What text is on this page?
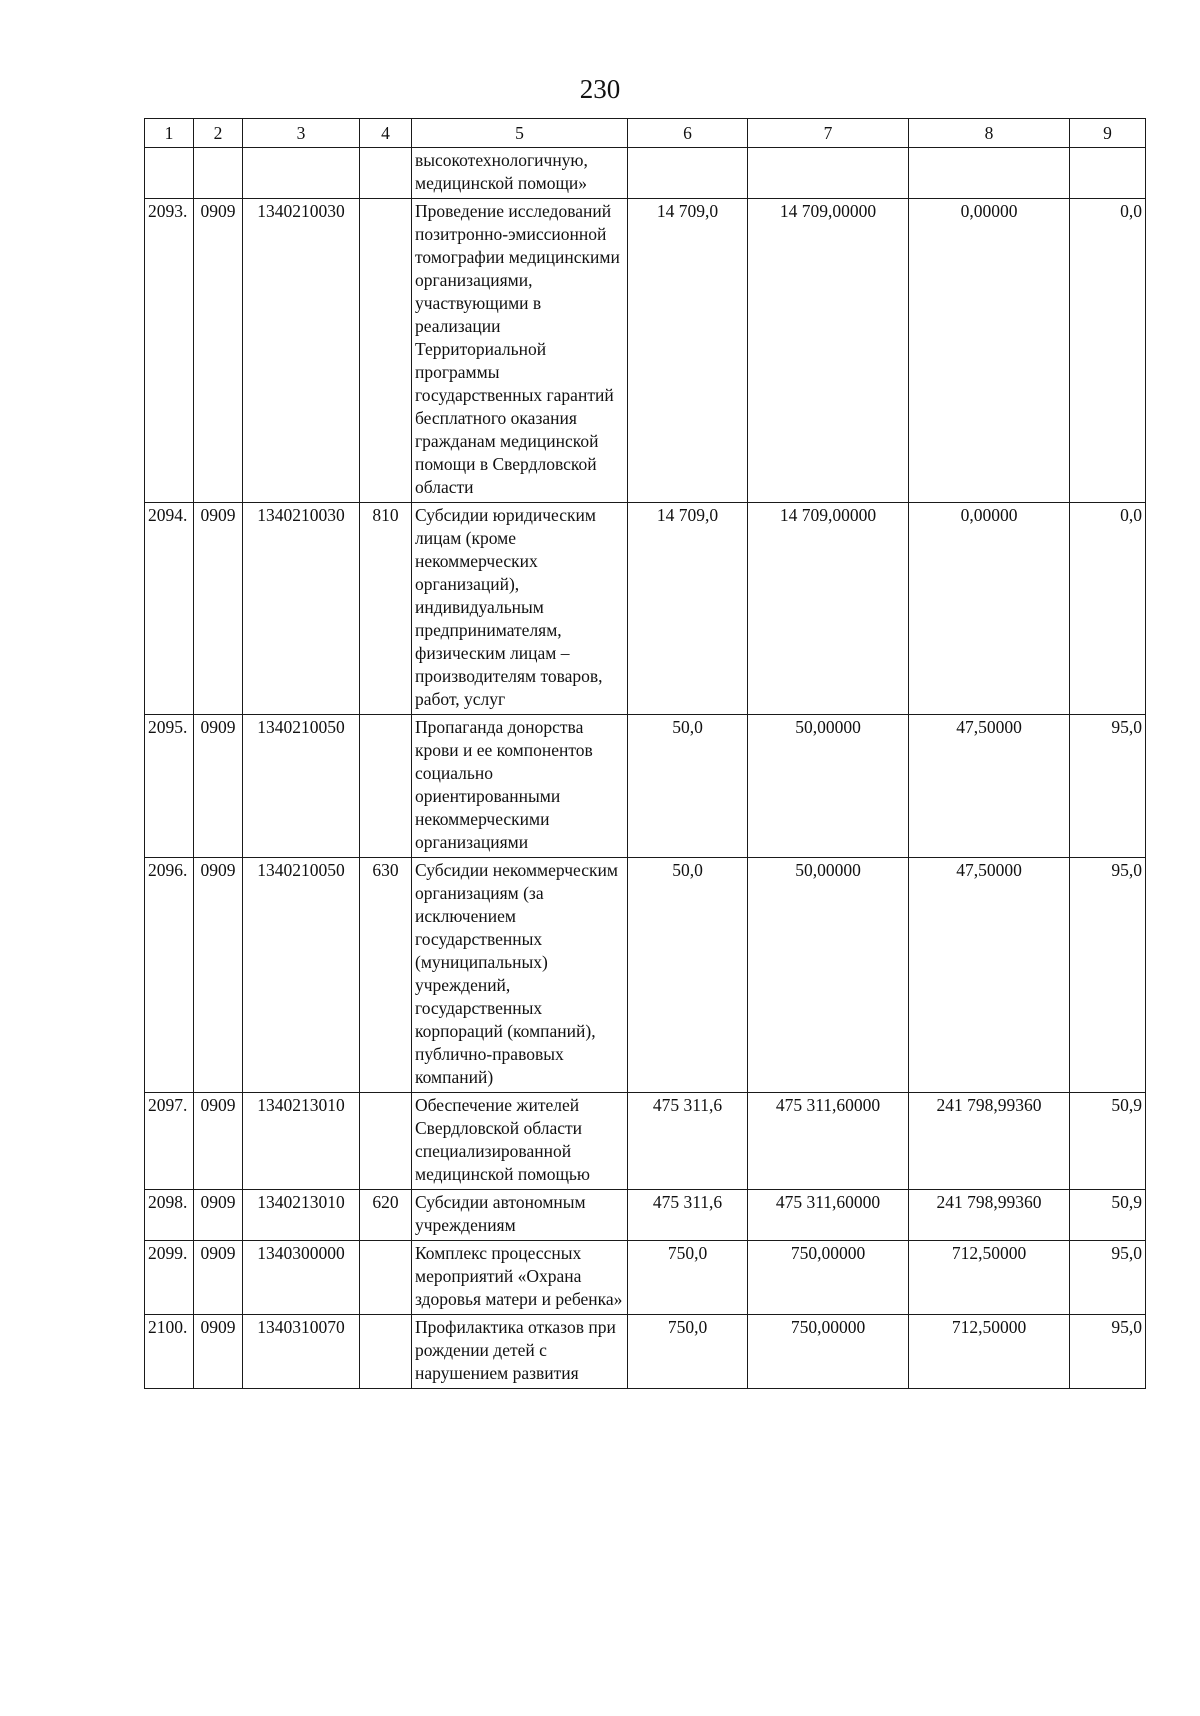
230
1	2	3	4	5	6	7	8	9
				высокотехнологичную, медицинской помощи»				
2093.	0909	1340210030		Проведение исследований позитронно-эмиссионной томографии медицинскими организациями, участвующими в реализации Территориальной программы государственных гарантий бесплатного оказания гражданам медицинской помощи в Свердловской области	14 709,0	14 709,00000	0,00000	0,0
2094.	0909	1340210030	810	Субсидии юридическим лицам (кроме некоммерческих организаций), индивидуальным предпринимателям, физическим лицам – производителям товаров, работ, услуг	14 709,0	14 709,00000	0,00000	0,0
2095.	0909	1340210050		Пропаганда донорства крови и ее компонентов социально ориентированными некоммерческими организациями	50,0	50,00000	47,50000	95,0
2096.	0909	1340210050	630	Субсидии некоммерческим организациям (за исключением государственных (муниципальных) учреждений, государственных корпораций (компаний), публично-правовых компаний)	50,0	50,00000	47,50000	95,0
2097.	0909	1340213010		Обеспечение жителей Свердловской области специализированной медицинской помощью	475 311,6	475 311,60000	241 798,99360	50,9
2098.	0909	1340213010	620	Субсидии автономным учреждениям	475 311,6	475 311,60000	241 798,99360	50,9
2099.	0909	1340300000		Комплекс процессных мероприятий «Охрана здоровья матери и ребенка»	750,0	750,00000	712,50000	95,0
2100.	0909	1340310070		Профилактика отказов при рождении детей с нарушением развития	750,0	750,00000	712,50000	95,0
